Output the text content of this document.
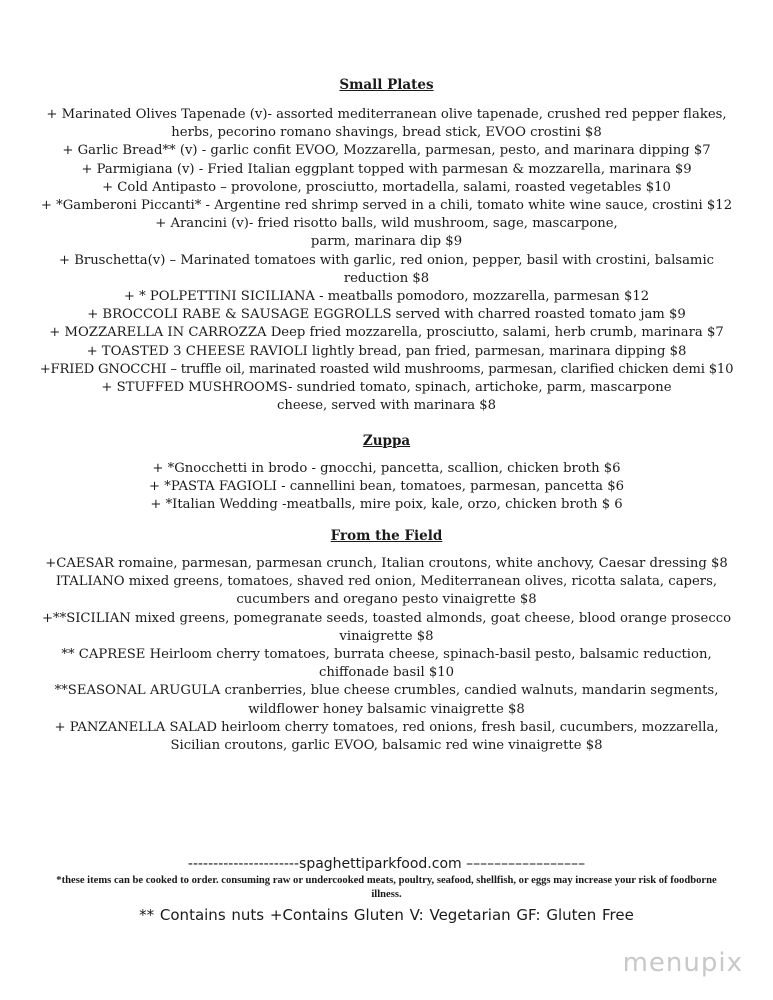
Small Plates
+ Marinated Olives Tapenade (v)- assorted mediterranean olive tapenade, crushed red pepper flakes, herbs, pecorino romano shavings, bread stick, EVOO crostini $8
+ Garlic Bread** (v) - garlic confit EVOO, Mozzarella, parmesan, pesto, and marinara dipping $7
+ Parmigiana (v) - Fried Italian eggplant topped with parmesan & mozzarella, marinara $9
+ Cold Antipasto – provolone, prosciutto, mortadella, salami, roasted vegetables $10
+ *Gamberoni Piccanti* - Argentine red shrimp served in a chili, tomato white wine sauce, crostini $12
+ Arancini (v)- fried risotto balls, wild mushroom, sage, mascarpone, parm, marinara dip $9
+ Bruschetta(v) – Marinated tomatoes with garlic, red onion, pepper, basil with crostini, balsamic reduction $8
+ * POLPETTINI SICILIANA - meatballs pomodoro, mozzarella, parmesan $12
+ BROCCOLI RABE & SAUSAGE EGGROLLS served with charred roasted tomato jam $9
+ MOZZARELLA IN CARROZZA Deep fried mozzarella, prosciutto, salami, herb crumb, marinara $7
+ TOASTED 3 CHEESE RAVIOLI lightly bread, pan fried, parmesan, marinara dipping $8
+FRIED GNOCCHI – truffle oil, marinated roasted wild mushrooms, parmesan, clarified chicken demi $10
+ STUFFED MUSHROOMS- sundried tomato, spinach, artichoke, parm, mascarpone cheese, served with marinara $8
Zuppa
+ *Gnocchetti in brodo - gnocchi, pancetta, scallion, chicken broth $6
+ *PASTA FAGIOLI - cannellini bean, tomatoes, parmesan, pancetta $6
+ *Italian Wedding -meatballs, mire poix, kale, orzo, chicken broth $ 6
From the Field
+CAESAR romaine, parmesan, parmesan crunch, Italian croutons, white anchovy, Caesar dressing $8
ITALIANO mixed greens, tomatoes, shaved red onion, Mediterranean olives, ricotta salata, capers, cucumbers and oregano pesto vinaigrette $8
+**SICILIAN mixed greens, pomegranate seeds, toasted almonds, goat cheese, blood orange prosecco vinaigrette $8
** CAPRESE Heirloom cherry tomatoes, burrata cheese, spinach-basil pesto, balsamic reduction, chiffonade basil $10
**SEASONAL ARUGULA cranberries, blue cheese crumbles, candied walnuts, mandarin segments, wildflower honey balsamic vinaigrette $8
+ PANZANELLA SALAD heirloom cherry tomatoes, red onions, fresh basil, cucumbers, mozzarella, Sicilian croutons, garlic EVOO, balsamic red wine vinaigrette $8
----------------------spaghettiparkfood.com –––––––––––––––––
*these items can be cooked to order. consuming raw or undercooked meats, poultry, seafood, shellfish, or eggs may increase your risk of foodborne illness.
** Contains nuts +Contains Gluten V: Vegetarian GF: Gluten Free
menupix
